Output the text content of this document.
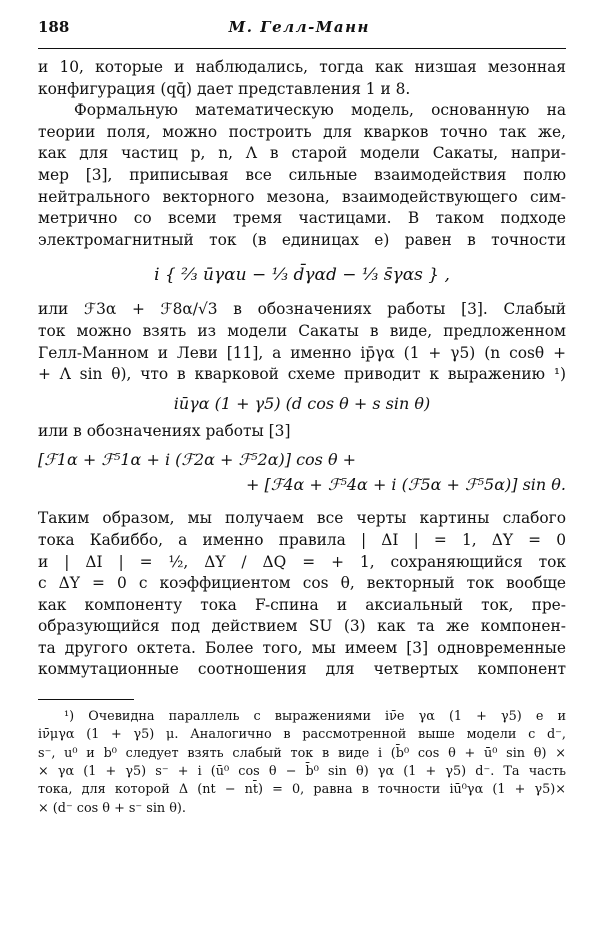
188	М. Гелл-Манн

и 10, которые и наблюдались, тогда как низшая мезонная
конфигурация (qq̄) дает представления 1 и 8.

Формальную математическую модель, основанную на
теории поля, можно построить для кварков точно так же,
как для частиц p, n, Λ в старой модели Сакаты, напри-
мер [3], приписывая все сильные взаимодействия полю
нейтрального векторного мезона, взаимодействующего сим-
метрично со всеми тремя частицами. В таком подходе
электромагнитный ток (в единицах e) равен в точности

i { ⅔ ūγαu − ⅓ d̄γαd − ⅓ s̄γαs } ,

или ℱ3α + ℱ8α/√3 в обозначениях работы [3]. Слабый
ток можно взять из модели Сакаты в виде, предложенном
Гелл-Манном и Леви [11], а именно ip̄γα (1 + γ5) (n cosθ +
+ Λ sin θ), что в кварковой схеме приводит к выражению ¹)

iūγα (1 + γ5) (d cos θ + s sin θ)

или в обозначениях работы [3]

[ℱ1α + ℱ⁵1α + i (ℱ2α + ℱ⁵2α)] cos θ +
+ [ℱ4α + ℱ⁵4α + i (ℱ5α + ℱ⁵5α)] sin θ.

Таким образом, мы получаем все черты картины слабого
тока Кабиббо, а именно правила | ΔI | = 1, ΔY = 0
и | ΔI | = ½, ΔY / ΔQ = + 1, сохраняющийся ток
с ΔY = 0 с коэффициентом cos θ, векторный ток вообще
как компоненту тока F-спина и аксиальный ток, пре-
образующийся под действием SU (3) как та же компонен-
та другого октета. Более того, мы имеем [3] одновременные
коммутационные соотношения для четвертых компонент

¹) Очевидна параллель с выражениями iν̄e γα (1 + γ5) e и
iν̄μγα (1 + γ5) μ. Аналогично в рассмотренной выше модели с d⁻,
s⁻, u⁰ и b⁰ следует взять слабый ток в виде i (b̄⁰ cos θ + ū⁰ sin θ) ×
× γα (1 + γ5) s⁻ + i (ū⁰ cos θ − b̄⁰ sin θ) γα (1 + γ5) d⁻. Та часть
тока, для которой Δ (nt − nt̄) = 0, равна в точности iū⁰γα (1 + γ5)×
× (d⁻ cos θ + s⁻ sin θ).
